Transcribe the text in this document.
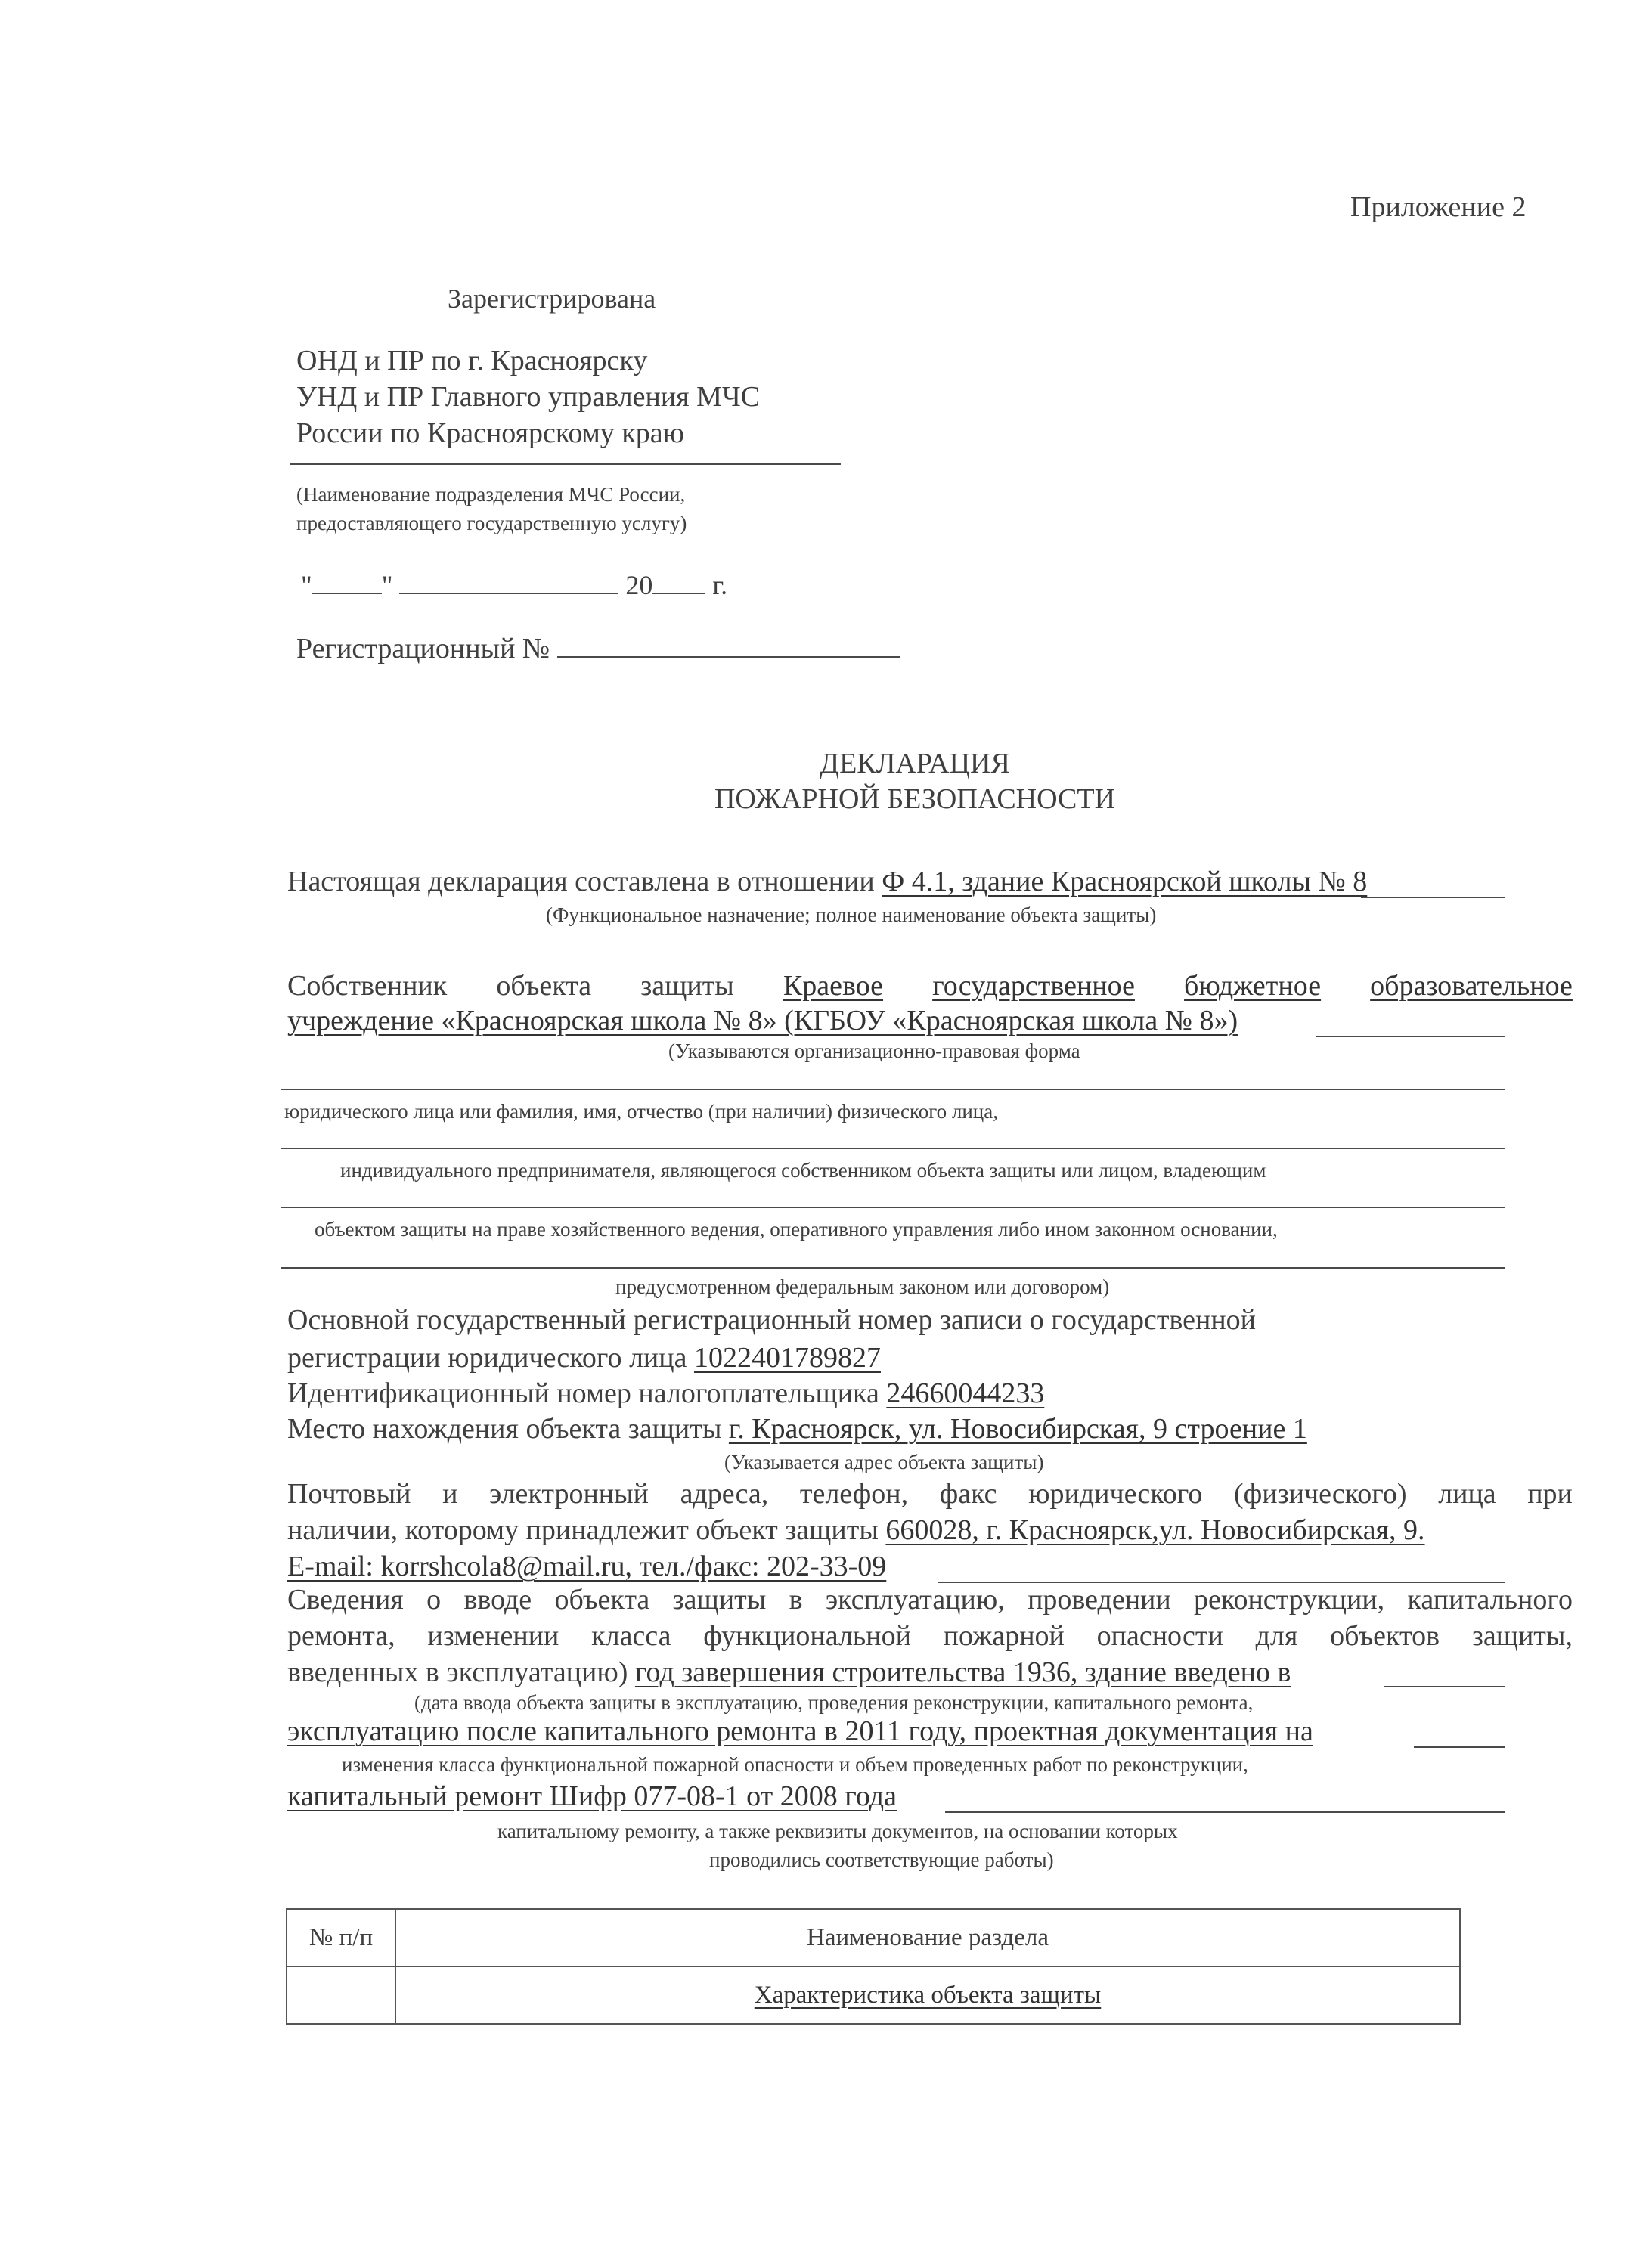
Приложение 2
Зарегистрирована
ОНД и ПР по г. Красноярску
УНД и ПР Главного управления МЧС
России по Красноярскому краю
(Наименование подразделения МЧС России,
предоставляющего государственную услугу)
"	"	20 г.
Регистрационный №
ДЕКЛАРАЦИЯ
ПОЖАРНОЙ БЕЗОПАСНОСТИ
Настоящая декларация составлена в отношении Ф 4.1, здание Красноярской школы № 8
(Функциональное назначение; полное наименование объекта защиты)
Собственник объекта защиты Краевое государственное бюджетное образовательное
учреждение «Красноярская школа № 8» (КГБОУ «Красноярская школа № 8»)
(Указываются организационно-правовая форма
юридического лица или фамилия, имя, отчество (при наличии) физического лица,
индивидуального предпринимателя, являющегося собственником объекта защиты или лицом, владеющим
объектом защиты на праве хозяйственного ведения, оперативного управления либо ином законном основании,
предусмотренном федеральным законом или договором)
Основной государственный регистрационный номер записи о государственной
регистрации юридического лица 1022401789827
Идентификационный номер налогоплательщика 24660044233
Место нахождения объекта защиты г. Красноярск, ул. Новосибирская, 9 строение 1
(Указывается адрес объекта защиты)
Почтовый и электронный адреса, телефон, факс юридического (физического) лица при
наличии, которому принадлежит объект защиты 660028, г. Красноярск,ул. Новосибирская, 9.
E-mail: korrshcola8@mail.ru, тел./факс: 202-33-09
Сведения о вводе объекта защиты в эксплуатацию, проведении реконструкции, капитального
ремонта, изменении класса функциональной пожарной опасности для объектов защиты,
введенных в эксплуатацию) год завершения строительства 1936, здание введено в
(дата ввода объекта защиты в эксплуатацию, проведения реконструкции, капитального ремонта,
эксплуатацию после капитального ремонта в 2011 году, проектная документация на
изменения класса функциональной пожарной опасности и объем проведенных работ по реконструкции,
капитальный ремонт Шифр 077-08-1 от 2008 года
капитальному ремонту, а также реквизиты документов, на основании которых
проводились соответствующие работы)
№ п/п	Наименование раздела
	Характеристика объекта защиты
